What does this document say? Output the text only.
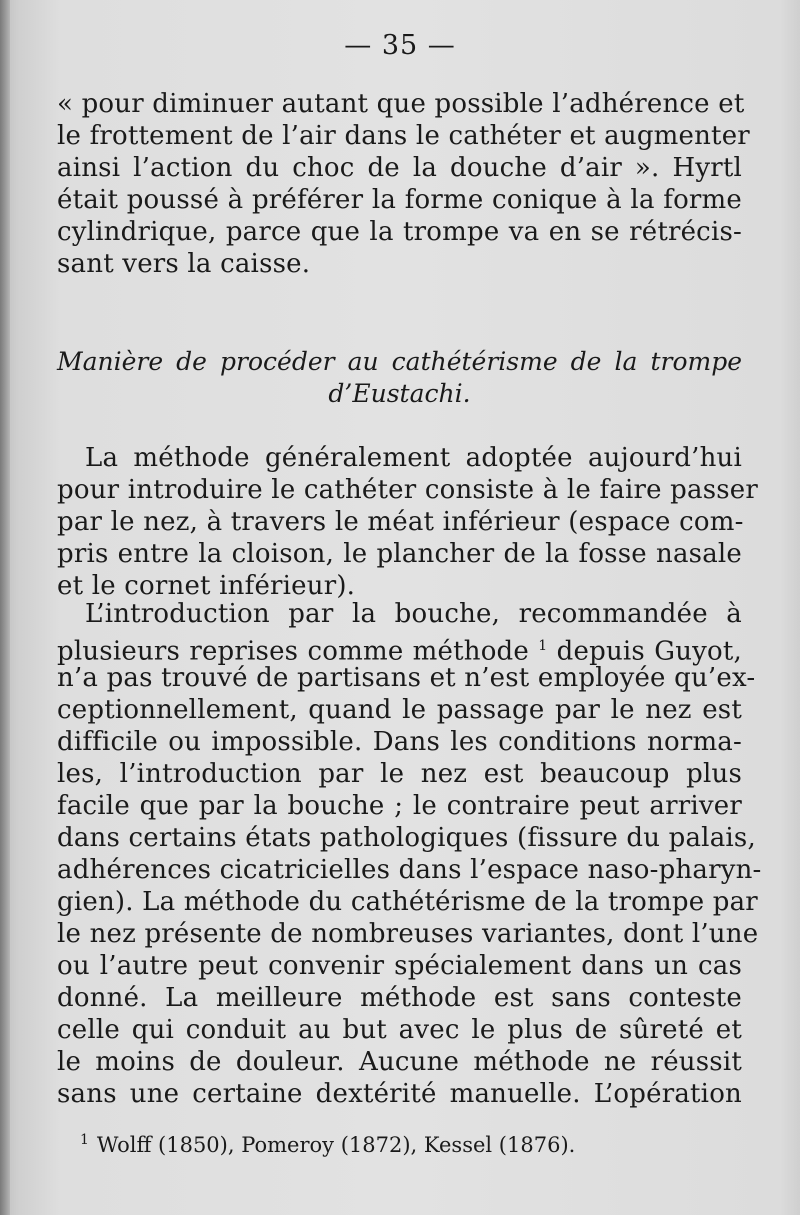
— 35 —
« pour diminuer autant que possible l’adhérence et
le frottement de l’air dans le cathéter et augmenter
ainsi l’action du choc de la douche d’air ». Hyrtl
était poussé à préférer la forme conique à la forme
cylindrique, parce que la trompe va en se rétrécis-
sant vers la caisse.
Manière de procéder au cathétérisme de la trompe
d’Eustachi.
La méthode généralement adoptée aujourd’hui
pour introduire le cathéter consiste à le faire passer
par le nez, à travers le méat inférieur (espace com-
pris entre la cloison, le plancher de la fosse nasale
et le cornet inférieur).
L’introduction par la bouche, recommandée à
plusieurs reprises comme méthode $^1$ depuis Guyot,
n’a pas trouvé de partisans et n’est employée qu’ex-
ceptionnellement, quand le passage par le nez est
difficile ou impossible. Dans les conditions norma-
les, l’introduction par le nez est beaucoup plus
facile que par la bouche ; le contraire peut arriver
dans certains états pathologiques (fissure du palais,
adhérences cicatricielles dans l’espace naso-pharyn-
gien). La méthode du cathétérisme de la trompe par
le nez présente de nombreuses variantes, dont l’une
ou l’autre peut convenir spécialement dans un cas
donné. La meilleure méthode est sans conteste
celle qui conduit au but avec le plus de sûreté et
le moins de douleur. Aucune méthode ne réussit
sans une certaine dextérité manuelle. L’opération
$^1$ Wolff (1850), Pomeroy (1872), Kessel (1876).
